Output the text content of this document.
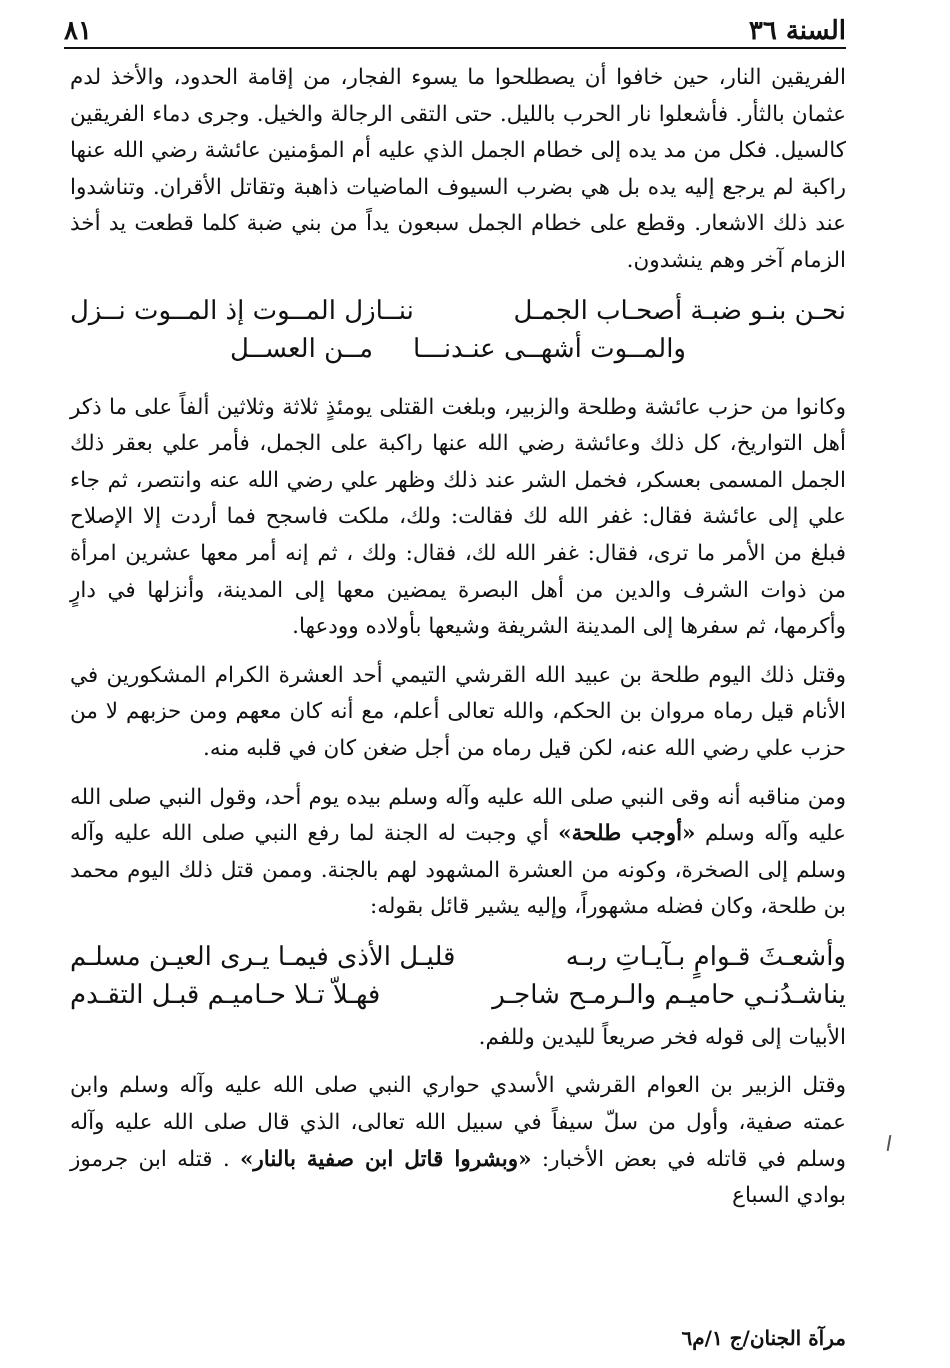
السنة ٣٦
٨١

الفريقين النار، حين خافوا أن يصطلحوا ما يسوء الفجار، من إقامة الحدود، والأخذ لدم عثمان بالثأر. فأشعلوا نار الحرب بالليل. حتى التقى الرجالة والخيل. وجرى دماء الفريقين كالسيل. فكل من مد يده إلى خطام الجمل الذي عليه أم المؤمنين عائشة رضي الله عنها راكبة لم يرجع إليه يده بل هي بضرب السيوف الماضيات ذاهبة وتقاتل الأقران. وتناشدوا عند ذلك الاشعار. وقطع على خطام الجمل سبعون يداً من بني ضبة كلما قطعت يد أخذ الزمام آخر وهم ينشدون.

نحـن بنـو ضبـة أصحـاب الجمـل
ننــازل المــوت إذ المــوت نــزل
والمــوت أشهــى عنـدنـــا
مــن العســل

وكانوا من حزب عائشة وطلحة والزبير، وبلغت القتلى يومئذٍ ثلاثة وثلاثين ألفاً على ما ذكر أهل التواريخ، كل ذلك وعائشة رضي الله عنها راكبة على الجمل، فأمر علي بعقر ذلك الجمل المسمى بعسكر، فخمل الشر عند ذلك وظهر علي رضي الله عنه وانتصر، ثم جاء علي إلى عائشة فقال: غفر الله لك فقالت: ولك، ملكت فاسجح فما أردت إلا الإصلاح فبلغ من الأمر ما ترى، فقال: غفر الله لك، فقال: ولك ، ثم إنه أمر معها عشرين امرأة من ذوات الشرف والدين من أهل البصرة يمضين معها إلى المدينة، وأنزلها في دارٍ وأكرمها، ثم سفرها إلى المدينة الشريفة وشيعها بأولاده وودعها.

وقتل ذلك اليوم طلحة بن عبيد الله القرشي التيمي أحد العشرة الكرام المشكورين في الأنام قيل رماه مروان بن الحكم، والله تعالى أعلم، مع أنه كان معهم ومن حزبهم لا من حزب علي رضي الله عنه، لكن قيل رماه من أجل ضغن كان في قلبه منه.

ومن مناقبه أنه وقى النبي صلى الله عليه وآله وسلم بيده يوم أحد، وقول النبي صلى الله عليه وآله وسلم «أوجب طلحة» أي وجبت له الجنة لما رفع النبي صلى الله عليه وآله وسلم إلى الصخرة، وكونه من العشرة المشهود لهم بالجنة. وممن قتل ذلك اليوم محمد بن طلحة، وكان فضله مشهوراً، وإليه يشير قائل بقوله:

وأشعـثَ قـوامٍ بـآيـاتِ ربـه
قليـل الأذى فيمـا يـرى العيـن مسلـم
يناشـدُنـي حاميـم والـرمـح شاجـر
فهـلاّ تـلا حـاميـم قبـل التقـدم

الأبيات إلى قوله فخر صريعاً لليدين وللفم.

وقتل الزبير بن العوام القرشي الأسدي حواري النبي صلى الله عليه وآله وسلم وابن عمته صفية، وأول من سلّ سيفاً في سبيل الله تعالى، الذي قال صلى الله عليه وآله وسلم في قاتله في بعض الأخبار: «وبشروا قاتل ابن صفية بالنار» . قتله ابن جرموز بوادي السباع

مرآة الجنان/ج ١/م٦
